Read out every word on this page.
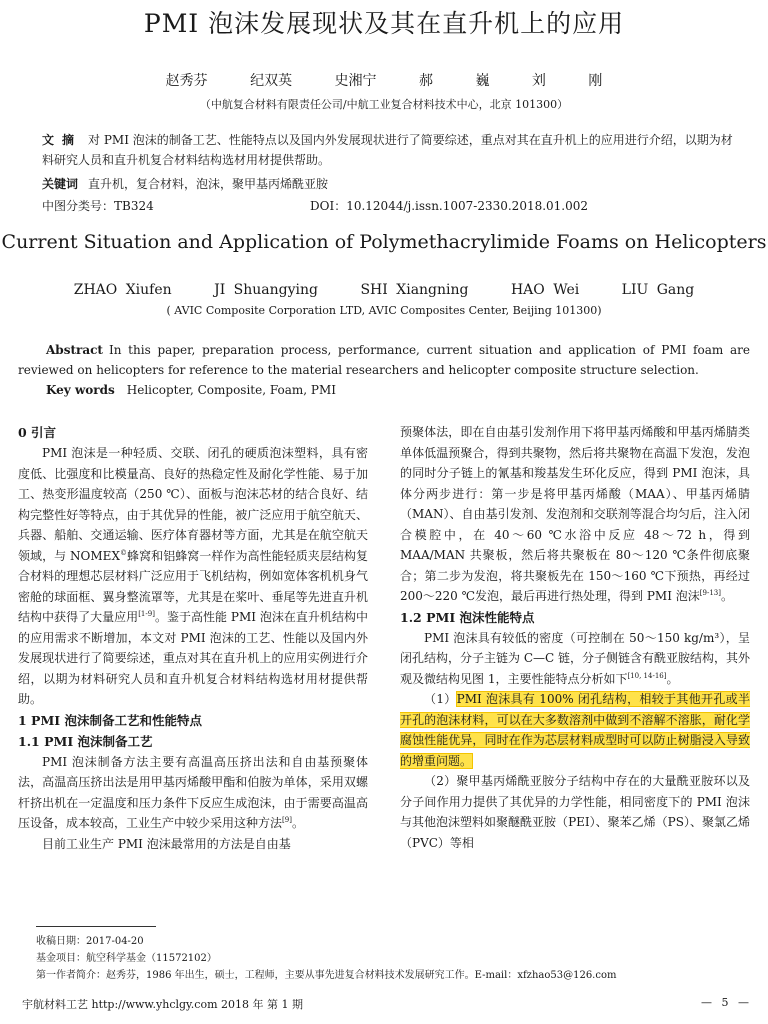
PMI 泡沫发展现状及其在直升机上的应用
赵秀芬 纪双英 史湘宁 郝 巍 刘 刚
（中航复合材料有限责任公司/中航工业复合材料技术中心，北京 101300）
文摘 对 PMI 泡沫的制备工艺、性能特点以及国内外发展现状进行了简要综述，重点对其在直升机上的应用进行介绍，以期为材料研究人员和直升机复合材料结构选材用材提供帮助。
关键词 直升机，复合材料，泡沫，聚甲基丙烯酰亚胺
中图分类号：TB324	DOI：10.12044/j.issn.1007-2330.2018.01.002
Current Situation and Application of Polymethacrylimide Foams on Helicopters
ZHAO Xiufen	JI Shuangying	SHI Xiangning	HAO Wei	LIU Gang
( AVIC Composite Corporation LTD, AVIC Composites Center, Beijing 101300)
Abstract In this paper, preparation process, performance, current situation and application of PMI foam are reviewed on helicopters for reference to the material researchers and helicopter composite structure selection.
Key words Helicopter, Composite, Foam, PMI
0 引言

PMI 泡沫是一种轻质、交联、闭孔的硬质泡沫塑料，具有密度低、比强度和比模量高、良好的热稳定性及耐化学性能、易于加工、热变形温度较高（250 ℃）、面板与泡沫芯材的结合良好、结构完整性好等特点，由于其优异的性能，被广泛应用于航空航天、兵器、船舶、交通运输、医疗体育器材等方面，尤其是在航空航天领域，与 NOMEX©蜂窝和铝蜂窝一样作为高性能轻质夹层结构复合材料的理想芯层材料广泛应用于飞机结构，例如宽体客机机身气密舱的球面框、翼身整流罩等，尤其是在桨叶、垂尾等先进直升机结构中获得了大量应用[1-9]。鉴于高性能 PMI 泡沫在直升机结构中的应用需求不断增加，本文对 PMI 泡沫的工艺、性能以及国内外发展现状进行了简要综述，重点对其在直升机上的应用实例进行介绍，以期为材料研究人员和直升机复合材料结构选材用材提供帮助。

1 PMI 泡沫制备工艺和性能特点
1.1 PMI 泡沫制备工艺

PMI 泡沫制备方法主要有高温高压挤出法和自由基预聚体法，高温高压挤出法是用甲基丙烯酸甲酯和伯胺为单体，采用双螺杆挤出机在一定温度和压力条件下反应生成泡沫，由于需要高温高压设备，成本较高，工业生产中较少采用这种方法[9]。

目前工业生产 PMI 泡沫最常用的方法是自由基

预聚体法，即在自由基引发剂作用下将甲基丙烯酸和甲基丙烯腈类单体低温预聚合，得到共聚物，然后将共聚物在高温下发泡，发泡的同时分子链上的氰基和羧基发生环化反应，得到 PMI 泡沫，具体分两步进行：第一步是将甲基丙烯酸（MAA）、甲基丙烯腈（MAN）、自由基引发剂、发泡剂和交联剂等混合均匀后，注入闭合模腔中，在 40～60 ℃水浴中反应 48～72 h，得到 MAA/MAN 共聚板，然后将共聚板在 80～120 ℃条件彻底聚合；第二步为发泡，将共聚板先在 150～160 ℃下预热，再经过 200～220 ℃发泡，最后再进行热处理，得到 PMI 泡沫[9-13]。

1.2 PMI 泡沫性能特点

PMI 泡沫具有较低的密度（可控制在 50～150 kg/m³），呈闭孔结构，分子主链为 C—C 链，分子侧链含有酰亚胺结构，其外观及微结构见图 1，主要性能特点分析如下[10, 14-16]。

（1）PMI 泡沫具有 100% 闭孔结构，相较于其他开孔或半开孔的泡沫材料，可以在大多数溶剂中做到不溶解不溶胀，耐化学腐蚀性能优异，同时在作为芯层材料成型时可以防止树脂浸入导致的增重问题。

（2）聚甲基丙烯酰亚胺分子结构中存在的大量酰亚胺环以及分子间作用力提供了其优异的力学性能，相同密度下的 PMI 泡沫与其他泡沫塑料如聚醚酰亚胺（PEI）、聚苯乙烯（PS）、聚氯乙烯（PVC）等相

收稿日期：2017-04-20
基金项目：航空科学基金（11572102）
第一作者简介：赵秀芬，1986 年出生，硕士，工程师，主要从事先进复合材料技术发展研究工作。E-mail：xfzhao53@126.com
宇航材料工艺 http://www.yhclgy.com 2018 年 第 1 期	— 5 —
